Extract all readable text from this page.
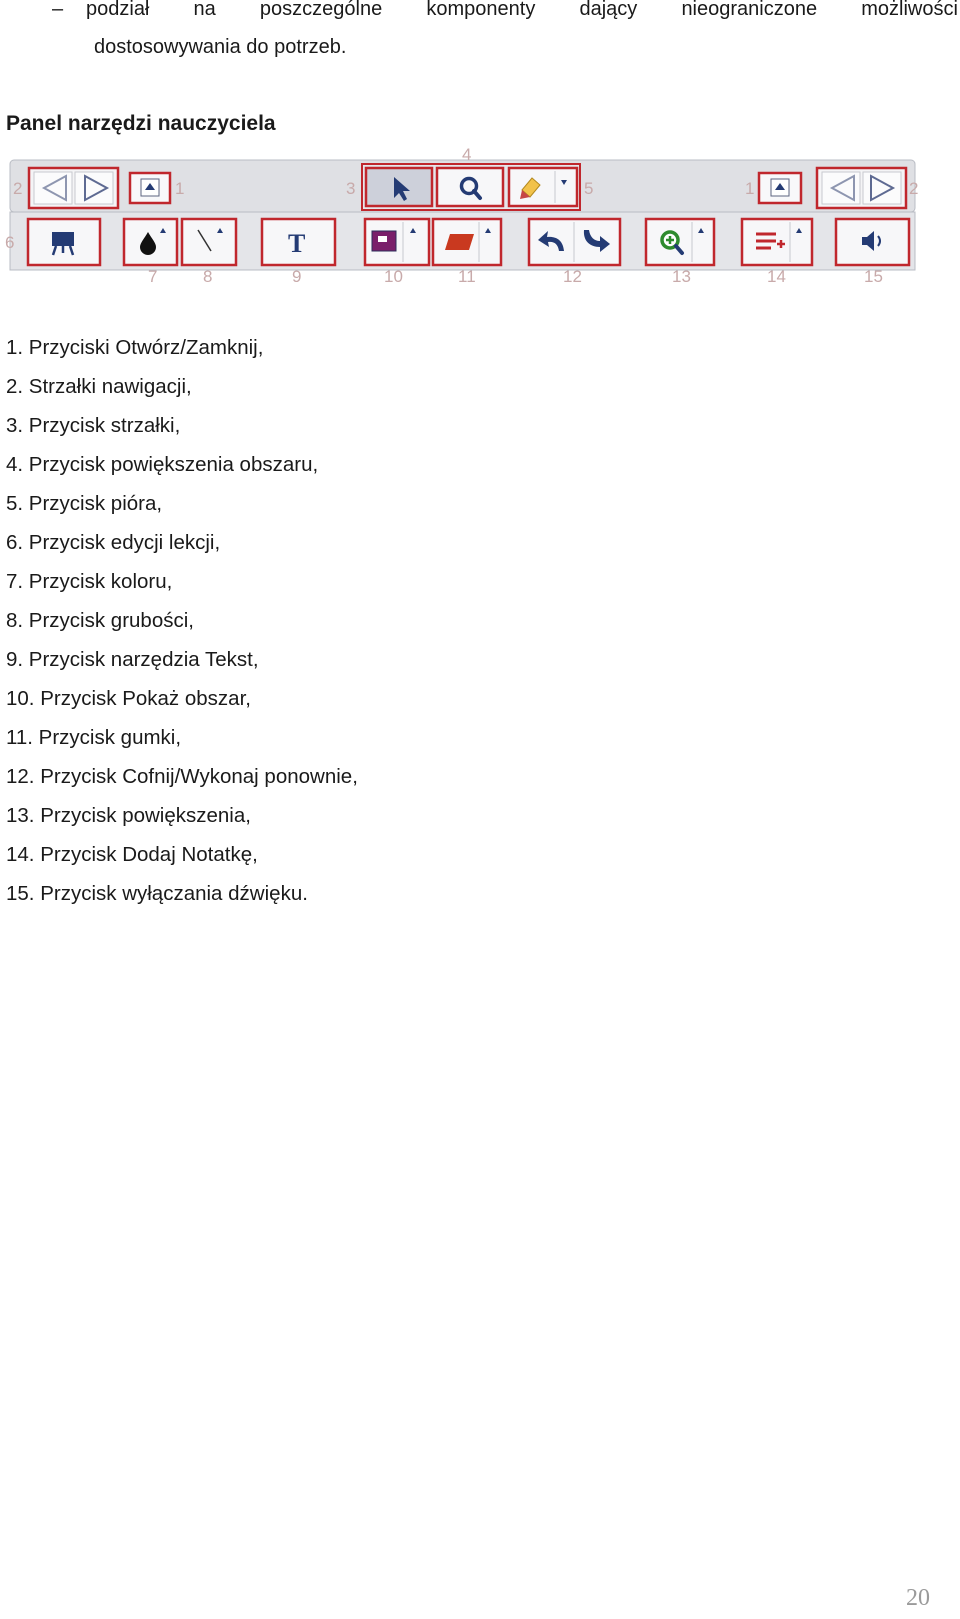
– podział na poszczególne komponenty dający nieograniczone możliwości
dostosowywania do potrzeb.
Panel narzędzi nauczyciela
4
2	1	3	5	1	2
6
7	8	9	10	11	12	13	14	15
T
1. Przyciski Otwórz/Zamknij,
2. Strzałki nawigacji,
3. Przycisk strzałki,
4. Przycisk powiększenia obszaru,
5. Przycisk pióra,
6. Przycisk edycji lekcji,
7. Przycisk koloru,
8. Przycisk grubości,
9. Przycisk narzędzia Tekst,
10. Przycisk Pokaż obszar,
11. Przycisk gumki,
12. Przycisk Cofnij/Wykonaj ponownie,
13. Przycisk powiększenia,
14. Przycisk Dodaj Notatkę,
15. Przycisk wyłączania dźwięku.
20
